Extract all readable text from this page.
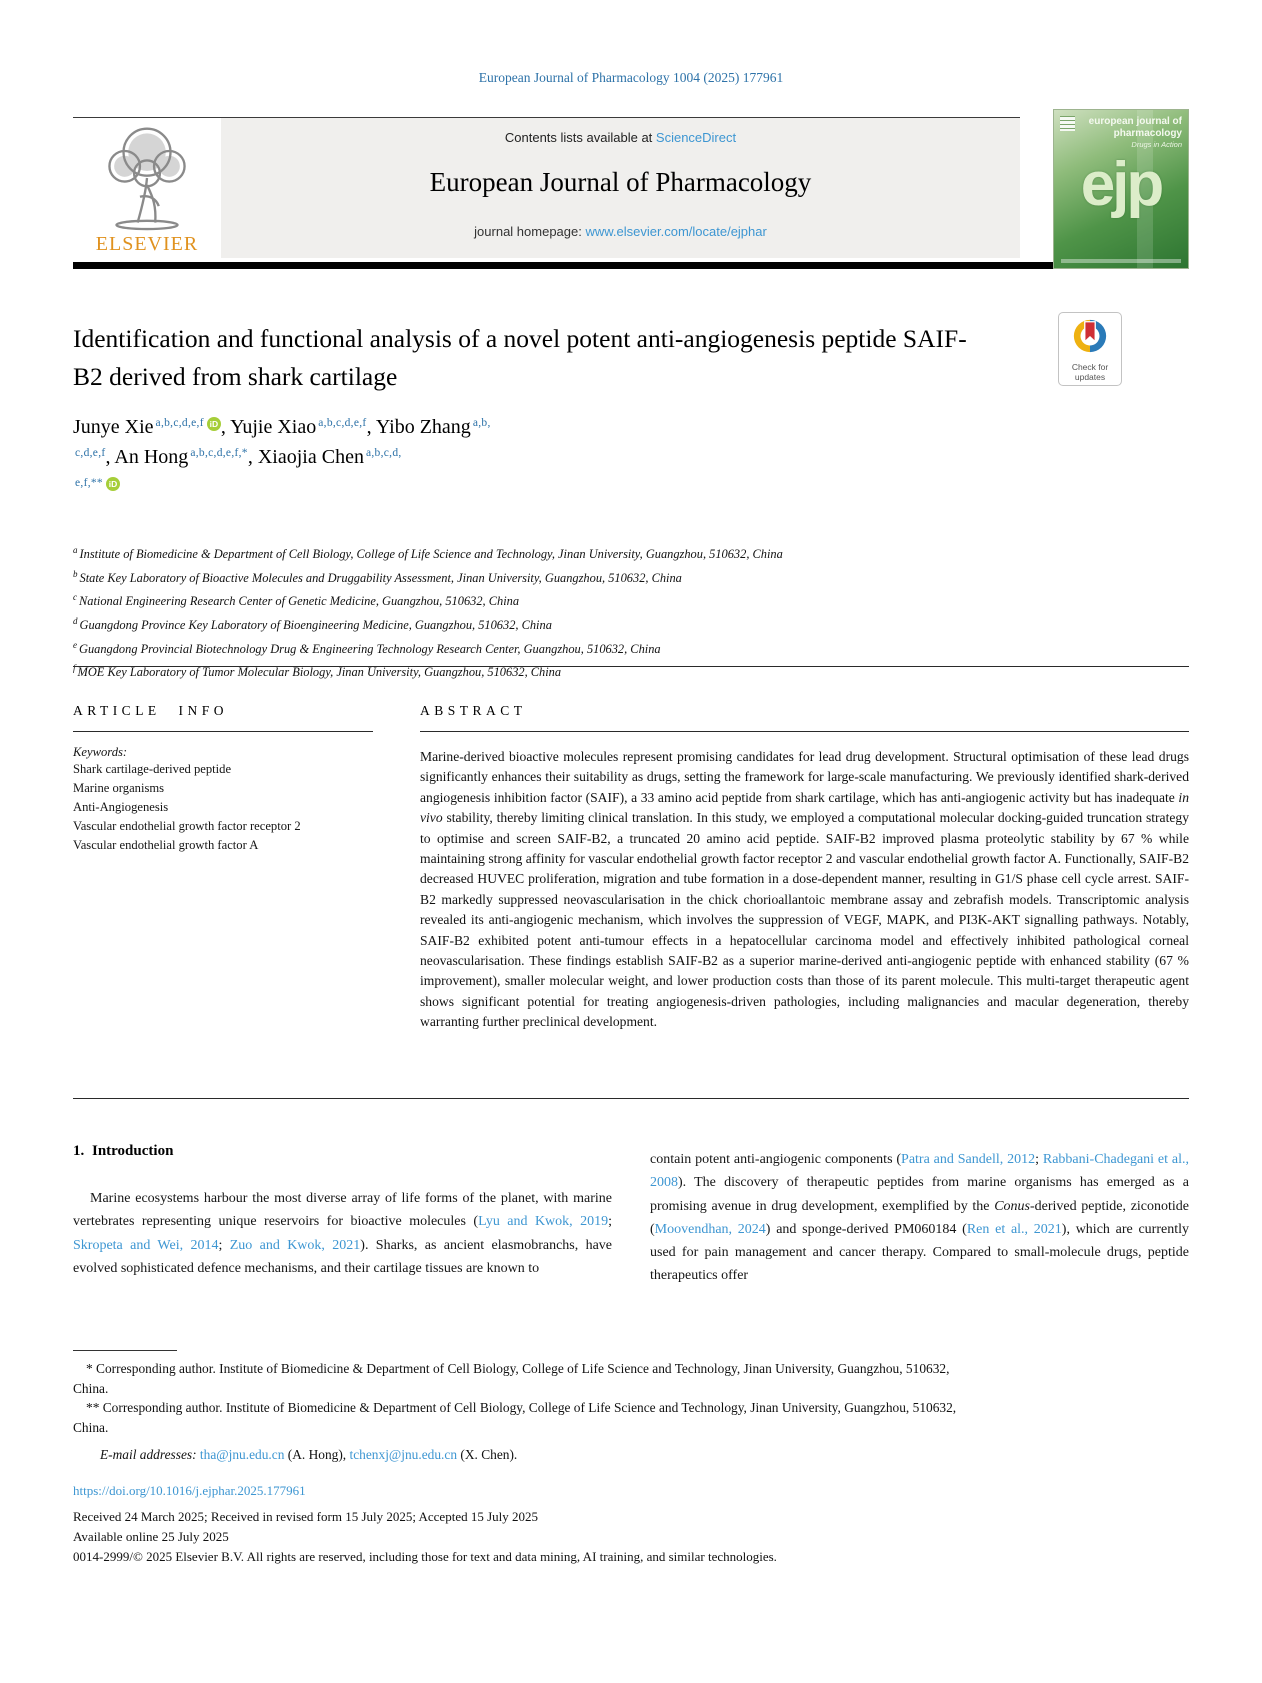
European Journal of Pharmacology 1004 (2025) 177961
ELSEVIER
Contents lists available at ScienceDirect
European Journal of Pharmacology
journal homepage: www.elsevier.com/locate/ejphar
european journal of
pharmacology
Drugs in Action
ejp
Identification and functional analysis of a novel potent anti-angiogenesis peptide SAIF-B2 derived from shark cartilage	Check for
updates
Junye Xie $^{a,b,c,d,e,f}$ iD , Yujie Xiao $^{a,b,c,d,e,f}$, Yibo Zhang $^{a,b,}$
$^{c,d,e,f}$, An Hong $^{a,b,c,d,e,f,*}$, Xiaojia Chen $^{a,b,c,d,}$
$^{e,f,**}$ iD
$^a$ Institute of Biomedicine & Department of Cell Biology, College of Life Science and Technology, Jinan University, Guangzhou, 510632, China
$^b$ State Key Laboratory of Bioactive Molecules and Druggability Assessment, Jinan University, Guangzhou, 510632, China
$^c$ National Engineering Research Center of Genetic Medicine, Guangzhou, 510632, China
$^d$ Guangdong Province Key Laboratory of Bioengineering Medicine, Guangzhou, 510632, China
$^e$ Guangdong Provincial Biotechnology Drug & Engineering Technology Research Center, Guangzhou, 510632, China
$^f$ MOE Key Laboratory of Tumor Molecular Biology, Jinan University, Guangzhou, 510632, China
ARTICLE INFO
Keywords:
Shark cartilage-derived peptide
Marine organisms
Anti-Angiogenesis
Vascular endothelial growth factor receptor 2
Vascular endothelial growth factor A
ABSTRACT
Marine-derived bioactive molecules represent promising candidates for lead drug development. Structural optimisation of these lead drugs significantly enhances their suitability as drugs, setting the framework for large-scale manufacturing. We previously identified shark-derived angiogenesis inhibition factor (SAIF), a 33 amino acid peptide from shark cartilage, which has anti-angiogenic activity but has inadequate in vivo stability, thereby limiting clinical translation. In this study, we employed a computational molecular docking-guided truncation strategy to optimise and screen SAIF-B2, a truncated 20 amino acid peptide. SAIF-B2 improved plasma proteolytic stability by 67 % while maintaining strong affinity for vascular endothelial growth factor receptor 2 and vascular endothelial growth factor A. Functionally, SAIF-B2 decreased HUVEC proliferation, migration and tube formation in a dose-dependent manner, resulting in G1/S phase cell cycle arrest. SAIF-B2 markedly suppressed neovascularisation in the chick chorioallantoic membrane assay and zebrafish models. Transcriptomic analysis revealed its anti-angiogenic mechanism, which involves the suppression of VEGF, MAPK, and PI3K-AKT signalling pathways. Notably, SAIF-B2 exhibited potent anti-tumour effects in a hepatocellular carcinoma model and effectively inhibited pathological corneal neovascularisation. These findings establish SAIF-B2 as a superior marine-derived anti-angiogenic peptide with enhanced stability (67 % improvement), smaller molecular weight, and lower production costs than those of its parent molecule. This multi-target therapeutic agent shows significant potential for treating angiogenesis-driven pathologies, including malignancies and macular degeneration, thereby warranting further preclinical development.
1. Introduction

Marine ecosystems harbour the most diverse array of life forms of the planet, with marine vertebrates representing unique reservoirs for bioactive molecules (Lyu and Kwok, 2019; Skropeta and Wei, 2014; Zuo and Kwok, 2021). Sharks, as ancient elasmobranchs, have evolved sophisticated defence mechanisms, and their cartilage tissues are known to

contain potent anti-angiogenic components (Patra and Sandell, 2012; Rabbani-Chadegani et al., 2008). The discovery of therapeutic peptides from marine organisms has emerged as a promising avenue in drug development, exemplified by the Conus-derived peptide, ziconotide (Moovendhan, 2024) and sponge-derived PM060184 (Ren et al., 2021), which are currently used for pain management and cancer therapy. Compared to small-molecule drugs, peptide therapeutics offer

* Corresponding author. Institute of Biomedicine & Department of Cell Biology, College of Life Science and Technology, Jinan University, Guangzhou, 510632,
China.

** Corresponding author. Institute of Biomedicine & Department of Cell Biology, College of Life Science and Technology, Jinan University, Guangzhou, 510632,
China.

E-mail addresses: tha@jnu.edu.cn (A. Hong), tchenxj@jnu.edu.cn (X. Chen).

https://doi.org/10.1016/j.ejphar.2025.177961
Received 24 March 2025; Received in revised form 15 July 2025; Accepted 15 July 2025
Available online 25 July 2025
0014-2999/© 2025 Elsevier B.V. All rights are reserved, including those for text and data mining, AI training, and similar technologies.
